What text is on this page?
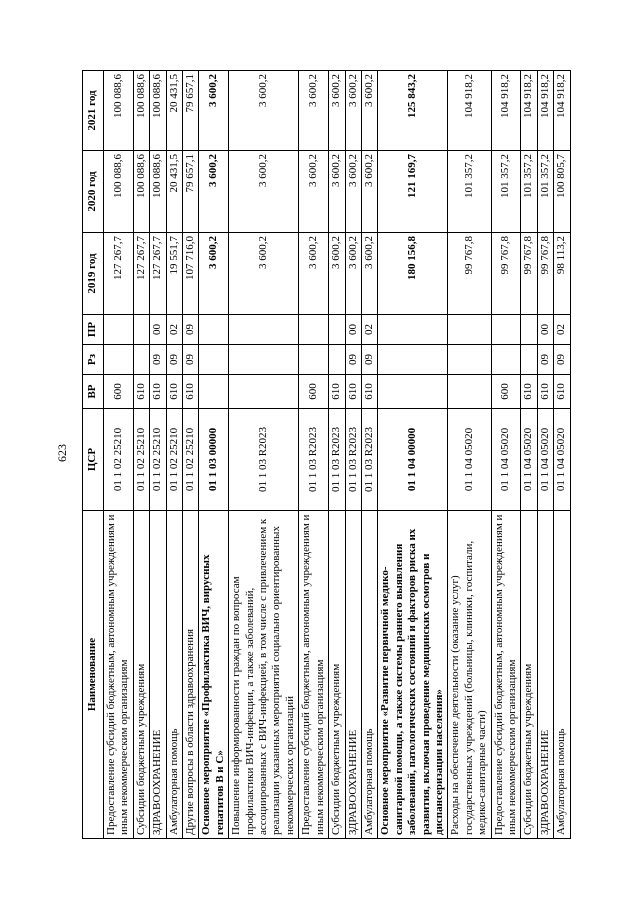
623
Наименование	ЦСР	ВР	Рз	ПР	2019 год	2020 год	2021 год
Предоставление субсидий бюджетным, автономным учреждениям и иным некоммерческим организациям	01 1 02 25210	600			127 267,7	100 088,6	100 088,6
Субсидии бюджетным учреждениям	01 1 02 25210	610			127 267,7	100 088,6	100 088,6
ЗДРАВООХРАНЕНИЕ	01 1 02 25210	610	09	00	127 267,7	100 088,6	100 088,6
Амбулаторная помощь	01 1 02 25210	610	09	02	19 551,7	20 431,5	20 431,5
Другие вопросы в области здравоохранения	01 1 02 25210	610	09	09	107 716,0	79 657,1	79 657,1
Основное мероприятие «Профилактика ВИЧ, вирусных гепатитов В и С»	01 1 03 00000				3 600,2	3 600,2	3 600,2
Повышение информированности граждан по вопросам профилактики ВИЧ-инфекции, а также заболеваний, ассоциированных с ВИЧ-инфекцией, в том числе с привлечением к реализации указанных мероприятий социально ориентированных некоммерческих организаций	01 1 03 R2023				3 600,2	3 600,2	3 600,2
Предоставление субсидий бюджетным, автономным учреждениям и иным некоммерческим организациям	01 1 03 R2023	600			3 600,2	3 600,2	3 600,2
Субсидии бюджетным учреждениям	01 1 03 R2023	610			3 600,2	3 600,2	3 600,2
ЗДРАВООХРАНЕНИЕ	01 1 03 R2023	610	09	00	3 600,2	3 600,2	3 600,2
Амбулаторная помощь	01 1 03 R2023	610	09	02	3 600,2	3 600,2	3 600,2
Основное мероприятие «Развитие первичной медико-санитарной помощи, а также системы раннего выявления заболеваний, патологических состояний и факторов риска их развития, включая проведение медицинских осмотров и диспансеризации населения»	01 1 04 00000				180 156,8	121 169,7	125 843,2
Расходы на обеспечение деятельности (оказание услуг) государственных учреждений (больницы, клиники, госпитали, медико-санитарные части)	01 1 04 05020				99 767,8	101 357,2	104 918,2
Предоставление субсидий бюджетным, автономным учреждениям и иным некоммерческим организациям	01 1 04 05020	600			99 767,8	101 357,2	104 918,2
Субсидии бюджетным учреждениям	01 1 04 05020	610			99 767,8	101 357,2	104 918,2
ЗДРАВООХРАНЕНИЕ	01 1 04 05020	610	09	00	99 767,8	101 357,2	104 918,2
Амбулаторная помощь	01 1 04 05020	610	09	02	98 113,2	100 805,7	104 918,2
